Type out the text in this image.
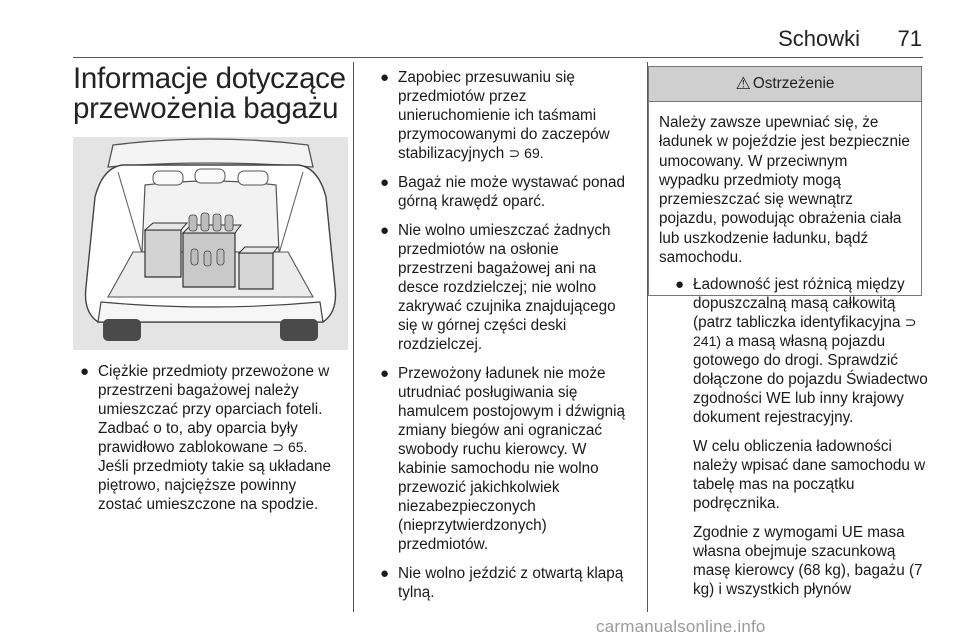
Schowki	71
Informacje dotyczące przewożenia bagażu
● Ciężkie przedmioty przewożone w przestrzeni bagażowej należy umieszczać przy oparciach foteli. Zadbać o to, aby oparcia były prawidłowo zablokowane ⊃ 65.
Jeśli przedmioty takie są układane piętrowo, najcięższe powinny zostać umieszczone na spodzie.

● Zapobiec przesuwaniu się przedmiotów przez unieruchomienie ich taśmami przymocowanymi do zaczepów stabilizacyjnych ⊃ 69.
● Bagaż nie może wystawać ponad górną krawędź oparć.
● Nie wolno umieszczać żadnych przedmiotów na osłonie przestrzeni bagażowej ani na desce rozdzielczej; nie wolno zakrywać czujnika znajdującego się w górnej części deski rozdzielczej.
● Przewożony ładunek nie może utrudniać posługiwania się hamulcem postojowym i dźwignią zmiany biegów ani ograniczać swobody ruchu kierowcy. W kabinie samochodu nie wolno przewozić jakichkolwiek niezabezpieczonych (nieprzytwierdzonych) przedmiotów.
● Nie wolno jeździć z otwartą klapą tylną.
⚠ Ostrzeżenie
Należy zawsze upewniać się, że ładunek w pojeździe jest bezpiecznie umocowany. W przeciwnym wypadku przedmioty mogą przemieszczać się wewnątrz pojazdu, powodując obrażenia ciała lub uszkodzenie ładunku, bądź samochodu.
● Ładowność jest różnicą między dopuszczalną masą całkowitą (patrz tabliczka identyfikacyjna ⊃ 241) a masą własną pojazdu gotowego do drogi. Sprawdzić dołączone do pojazdu Świadectwo zgodności WE lub inny krajowy dokument rejestracyjny.

W celu obliczenia ładowności należy wpisać dane samochodu w tabelę mas na początku podręcznika.

Zgodnie z wymogami UE masa własna obejmuje szacunkową masę kierowcy (68 kg), bagażu (7 kg) i wszystkich płynów

carmanualsonline.info
